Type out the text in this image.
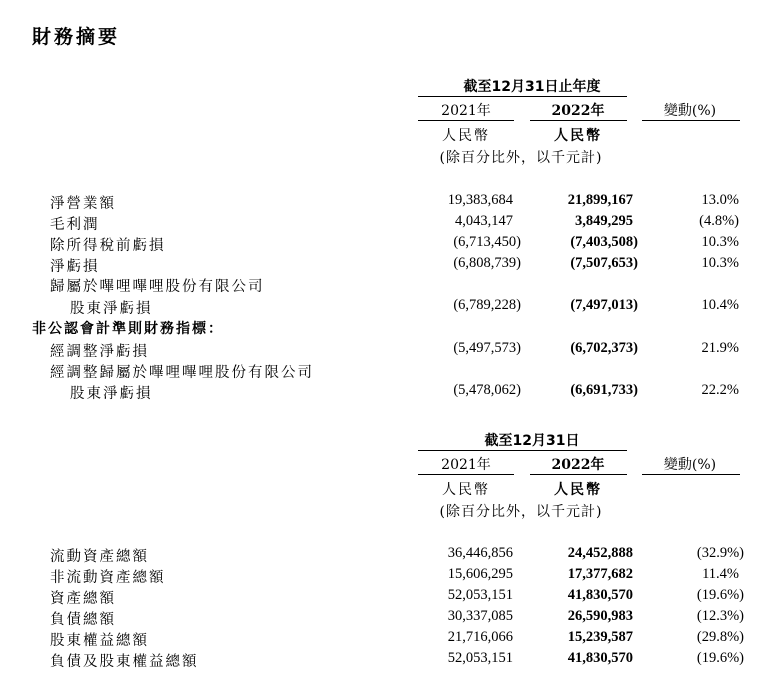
財務摘要
截至12月31日止年度
2021年	2022年	變動(%)
人民幣	人民幣
(除百分比外，以千元計)
淨營業額	19,383,684	21,899,167	13.0%
毛利潤	4,043,147	3,849,295	(4.8%)
除所得稅前虧損	(6,713,450)	(7,403,508)	10.3%
淨虧損	(6,808,739)	(7,507,653)	10.3%
歸屬於嗶哩嗶哩股份有限公司
股東淨虧損	(6,789,228)	(7,497,013)	10.4%
非公認會計準則財務指標：
經調整淨虧損	(5,497,573)	(6,702,373)	21.9%
經調整歸屬於嗶哩嗶哩股份有限公司
股東淨虧損	(5,478,062)	(6,691,733)	22.2%
截至12月31日
2021年	2022年	變動(%)
人民幣	人民幣
(除百分比外，以千元計)
流動資產總額	36,446,856	24,452,888	(32.9%)
非流動資產總額	15,606,295	17,377,682	11.4%
資產總額	52,053,151	41,830,570	(19.6%)
負債總額	30,337,085	26,590,983	(12.3%)
股東權益總額	21,716,066	15,239,587	(29.8%)
負債及股東權益總額	52,053,151	41,830,570	(19.6%)
